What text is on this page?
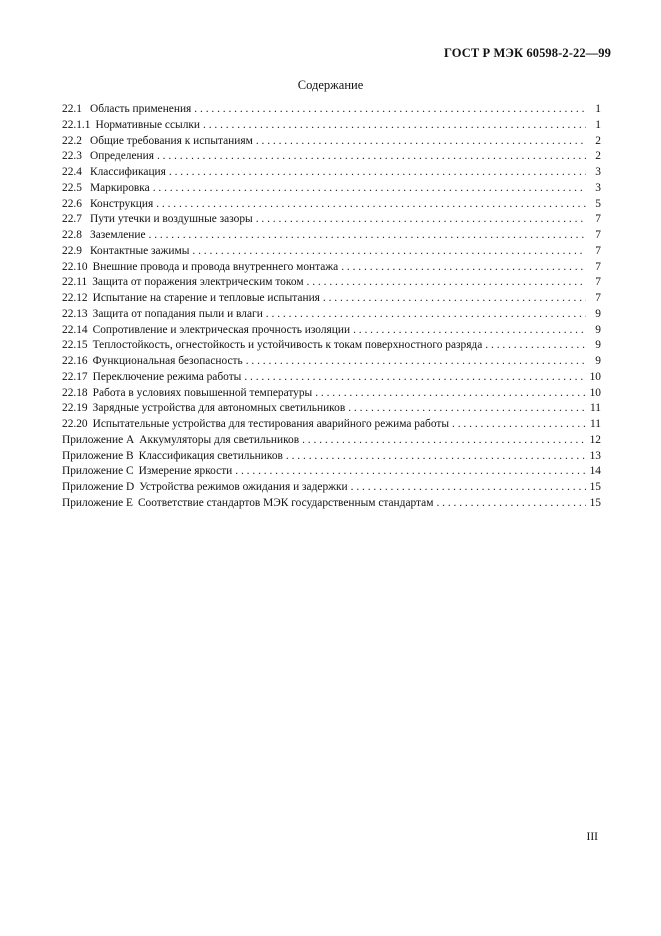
ГОСТ Р МЭК 60598-2-22—99
Содержание
22.1 Область применения . . .	1
22.1.1 Нормативные ссылки . . .	1
22.2 Общие требования к испытаниям . . .	2
22.3 Определения . . .	2
22.4 Классификация . . .	3
22.5 Маркировка . . .	3
22.6 Конструкция . . .	5
22.7 Пути утечки и воздушные зазоры . . .	7
22.8 Заземление . . .	7
22.9 Контактные зажимы . . .	7
22.10 Внешние провода и провода внутреннего монтажа . . .	7
22.11 Защита от поражения электрическим током . . .	7
22.12 Испытание на старение и тепловые испытания . . .	7
22.13 Защита от попадания пыли и влаги . . .	9
22.14 Сопротивление и электрическая прочность изоляции . . .	9
22.15 Теплостойкость, огнестойкость и устойчивость к токам поверхностного разряда . . .	9
22.16 Функциональная безопасность . . .	9
22.17 Переключение режима работы . . .	10
22.18 Работа в условиях повышенной температуры . . .	10
22.19 Зарядные устройства для автономных светильников . . .	11
22.20 Испытательные устройства для тестирования аварийного режима работы . . .	11
Приложение А Аккумуляторы для светильников . . .	12
Приложение В Классификация светильников . . .	13
Приложение С Измерение яркости . . .	14
Приложение D Устройства режимов ожидания и задержки . . .	15
Приложение Е Соответствие стандартов МЭК государственным стандартам . . .	15
III
